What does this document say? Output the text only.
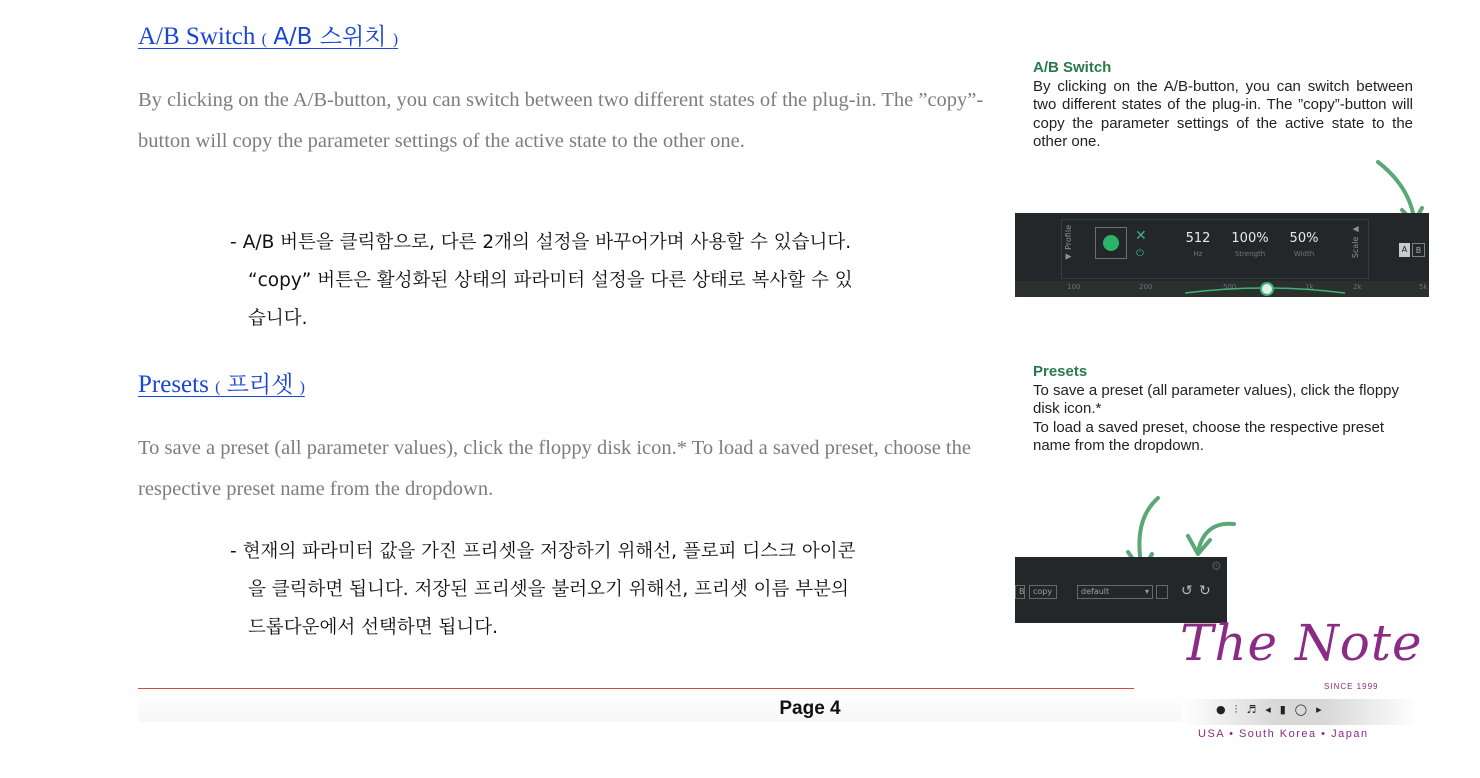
A/B Switch ( A/B 스위치 )
By clicking on the A/B-button, you can switch between two different states of the plug-in. The ”copy”-button will copy the parameter settings of the active state to the other one.
- A/B 버튼을 클릭함으로, 다른 2개의 설정을 바꾸어가며 사용할 수 있습니다.
“copy” 버튼은 활성화된 상태의 파라미터 설정을 다른 상태로 복사할 수 있
습니다.
Presets ( 프리셋 )
To save a preset (all parameter values), click the floppy disk icon.* To load a saved preset, choose the respective preset name from the dropdown.
- 현재의 파라미터 값을 가진 프리셋을 저장하기 위해선, 플로피 디스크 아이콘
을 클릭하면 됩니다. 저장된 프리셋을 불러오기 위해선, 프리셋 이름 부분의
드롭다운에서 선택하면 됩니다.
A/B Switch
By clicking on the A/B-button, you can switch between two different states of the plug-in. The ”copy”-button will copy the parameter settings of the active state to the other one.
◀ Profile	Scale ▶
✕
⏻
512
Hz
100%
Strength
50%
Width	A	B
100	200	500	1k	2k	5k
Presets
To save a preset (all parameter values), click the floppy disk icon.*
To load a saved preset, choose the respective preset name from the dropdown.
B	copy	default	▾ ↺ ↻
⚙
Page 4
The Note
SINCE 1999
●⫶♬◂▮◯▸
USA • South Korea • Japan
